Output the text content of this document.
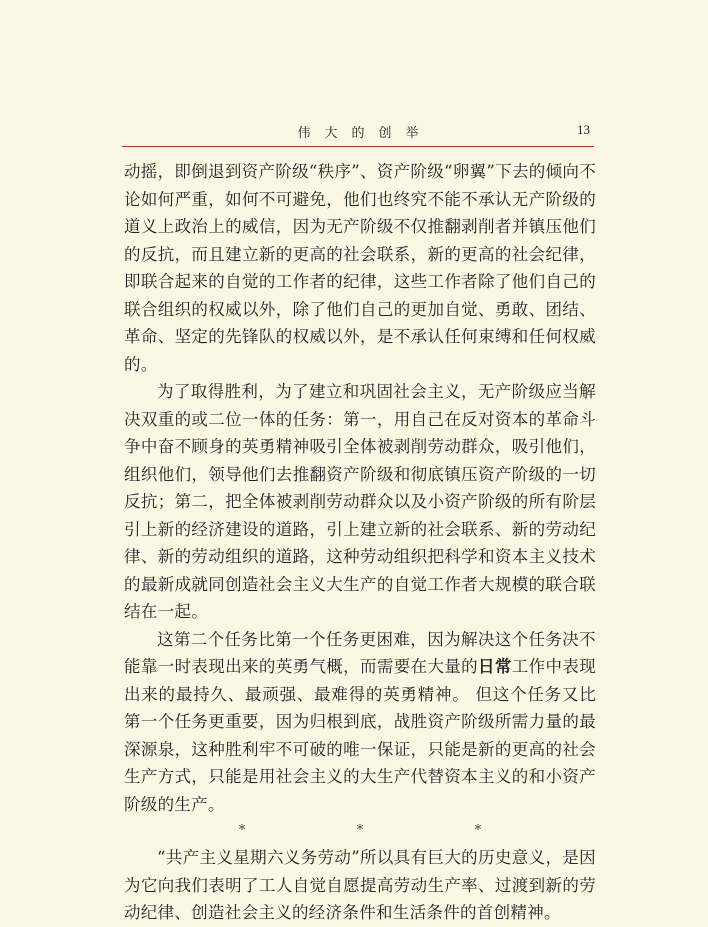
伟大的创举	13

动摇，即倒退到资产阶级“秩序”、资产阶级“卵翼”下去的倾向不论如何严重，如何不可避免，他们也终究不能不承认无产阶级的道义上政治上的威信，因为无产阶级不仅推翻剥削者并镇压他们的反抗，而且建立新的更高的社会联系，新的更高的社会纪律，即联合起来的自觉的工作者的纪律，这些工作者除了他们自己的联合组织的权威以外，除了他们自己的更加自觉、勇敢、团结、革命、坚定的先锋队的权威以外，是不承认任何束缚和任何权威的。

为了取得胜利，为了建立和巩固社会主义，无产阶级应当解决双重的或二位一体的任务：第一，用自己在反对资本的革命斗争中奋不顾身的英勇精神吸引全体被剥削劳动群众，吸引他们，组织他们，领导他们去推翻资产阶级和彻底镇压资产阶级的一切反抗；第二，把全体被剥削劳动群众以及小资产阶级的所有阶层引上新的经济建设的道路，引上建立新的社会联系、新的劳动纪律、新的劳动组织的道路，这种劳动组织把科学和资本主义技术的最新成就同创造社会主义大生产的自觉工作者大规模的联合联结在一起。

这第二个任务比第一个任务更困难，因为解决这个任务决不能靠一时表现出来的英勇气概，而需要在大量的日常工作中表现出来的最持久、最顽强、最难得的英勇精神。 但这个任务又比第一个任务更重要，因为归根到底，战胜资产阶级所需力量的最深源泉，这种胜利牢不可破的唯一保证，只能是新的更高的社会生产方式，只能是用社会主义的大生产代替资本主义的和小资产阶级的生产。

*	*	*

“共产主义星期六义务劳动”所以具有巨大的历史意义，是因为它向我们表明了工人自觉自愿提高劳动生产率、过渡到新的劳动纪律、创造社会主义的经济条件和生活条件的首创精神。
